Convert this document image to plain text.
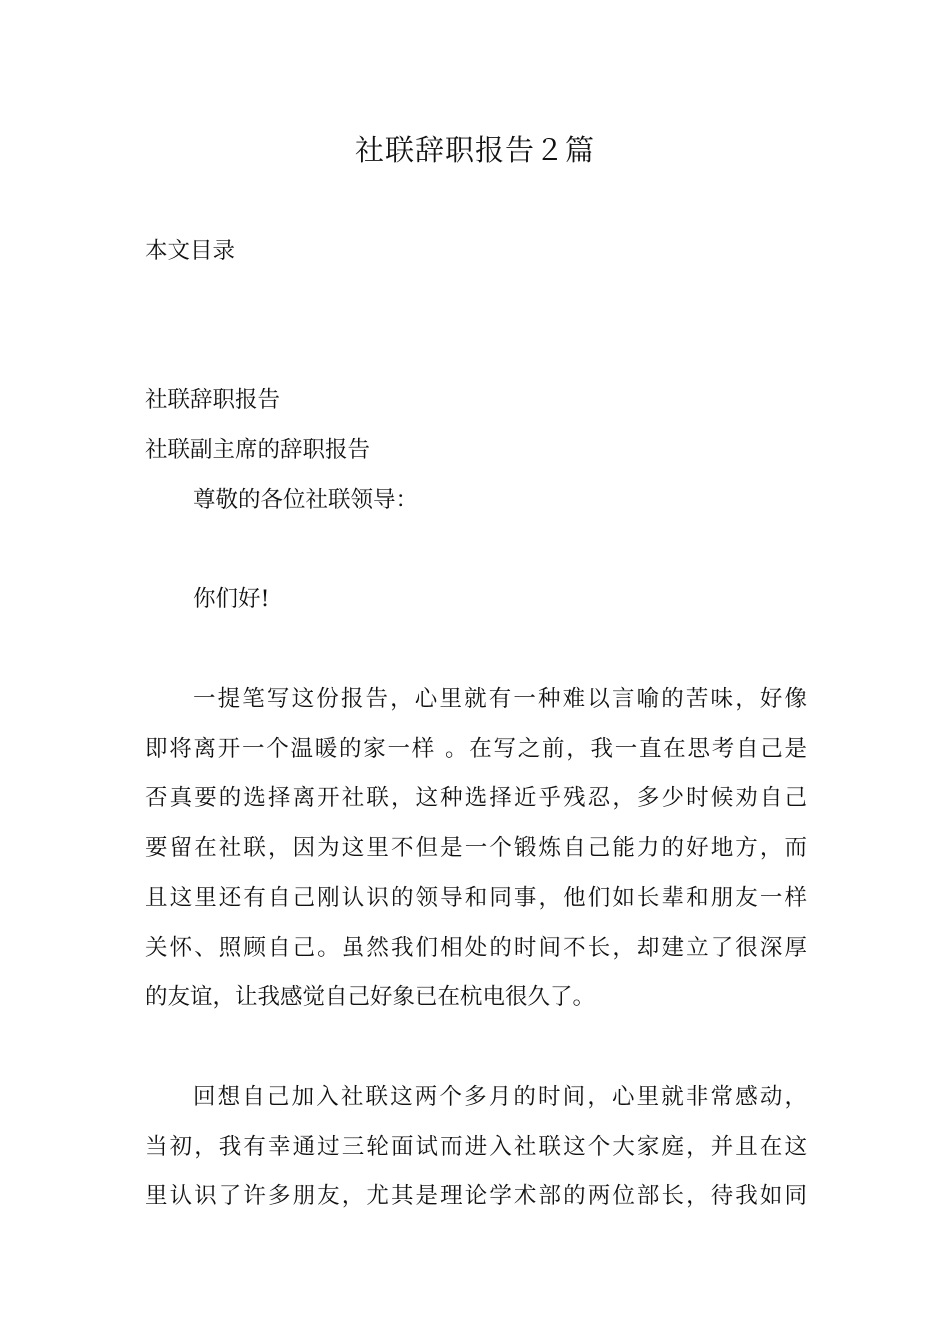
社联辞职报告２篇
本文目录
社联辞职报告
社联副主席的辞职报告
尊敬的各位社联领导：
你们好!
一提笔写这份报告，心里就有一种难以言喻的苦味，好像
即将离开一个温暖的家一样 。在写之前，我一直在思考自己是
否真要的选择离开社联，这种选择近乎残忍，多少时候劝自己
要留在社联，因为这里不但是一个锻炼自己能力的好地方，而
且这里还有自己刚认识的领导和同事，他们如长辈和朋友一样
关怀、照顾自己。虽然我们相处的时间不长，却建立了很深厚
的友谊，让我感觉自己好象已在杭电很久了。
回想自己加入社联这两个多月的时间，心里就非常感动，
当初，我有幸通过三轮面试而进入社联这个大家庭，并且在这
里认识了许多朋友，尤其是理论学术部的两位部长，待我如同
